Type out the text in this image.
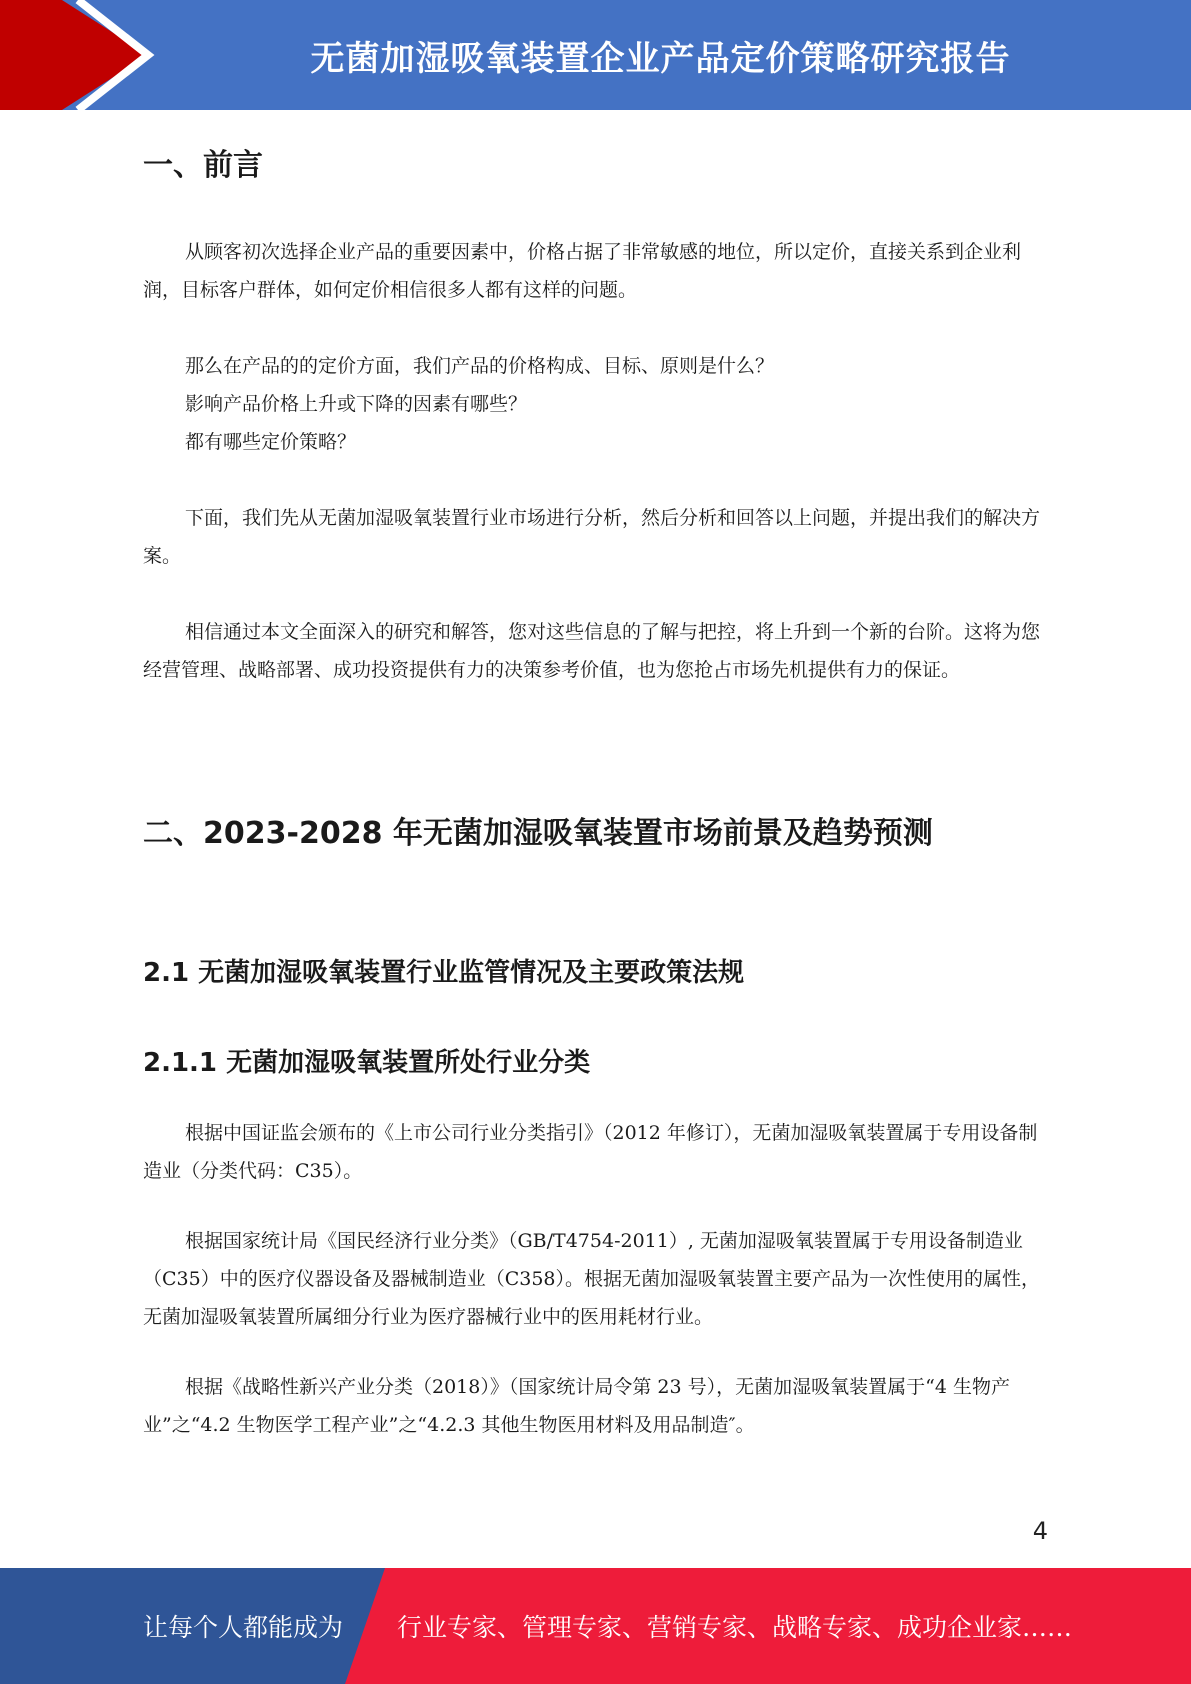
无菌加湿吸氧装置企业产品定价策略研究报告
一、前言

从顾客初次选择企业产品的重要因素中，价格占据了非常敏感的地位，所以定价，直接关系到企业利润，目标客户群体，如何定价相信很多人都有这样的问题。

那么在产品的的定价方面，我们产品的价格构成、目标、原则是什么？

影响产品价格上升或下降的因素有哪些？

都有哪些定价策略？

下面，我们先从无菌加湿吸氧装置行业市场进行分析，然后分析和回答以上问题，并提出我们的解决方案。

相信通过本文全面深入的研究和解答，您对这些信息的了解与把控，将上升到一个新的台阶。这将为您经营管理、战略部署、成功投资提供有力的决策参考价值，也为您抢占市场先机提供有力的保证。

二、2023-2028 年无菌加湿吸氧装置市场前景及趋势预测
2.1 无菌加湿吸氧装置行业监管情况及主要政策法规
2.1.1 无菌加湿吸氧装置所处行业分类

根据中国证监会颁布的《上市公司行业分类指引》（2012 年修订），无菌加湿吸氧装置属于专用设备制造业（分类代码：C35）。

根据国家统计局《国民经济行业分类》（GB/T4754-2011）, 无菌加湿吸氧装置属于专用设备制造业（C35）中的医疗仪器设备及器械制造业（C358）。根据无菌加湿吸氧装置主要产品为一次性使用的属性，无菌加湿吸氧装置所属细分行业为医疗器械行业中的医用耗材行业。

根据《战略性新兴产业分类（2018）》（国家统计局令第 23 号），无菌加湿吸氧装置属于“4 生物产业”之“4.2 生物医学工程产业”之“4.2.3 其他生物医用材料及用品制造″。

4
让每个人都能成为 行业专家、管理专家、营销专家、战略专家、成功企业家……
